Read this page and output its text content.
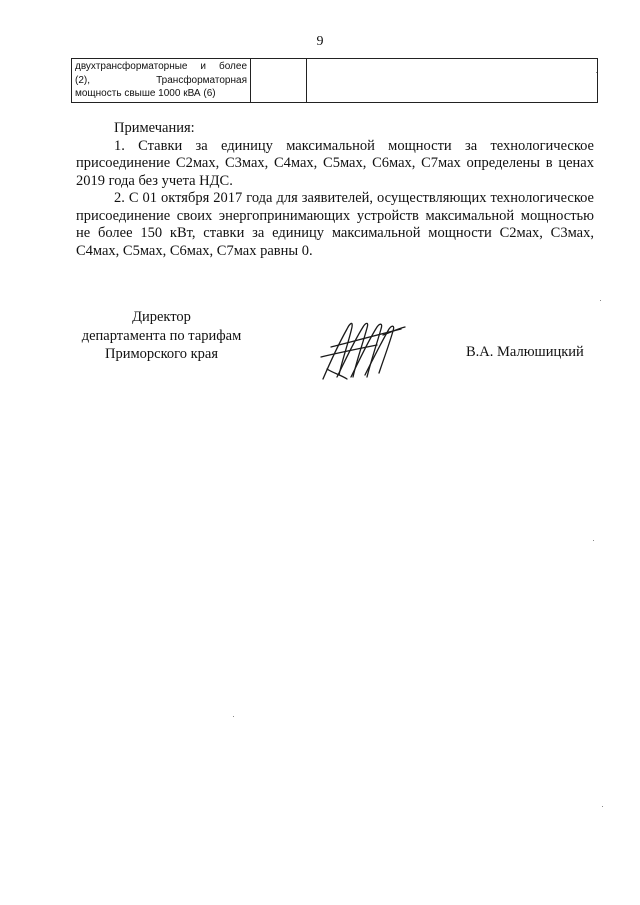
9
двухтрансформаторные и более
(2), Трансформаторная
мощность свыше 1000 кВА (6)

Примечания:

1. Ставки за единицу максимальной мощности за технологическое присоединение С2мах, С3мах, С4мах, С5мах, С6мах, С7мах определены в ценах 2019 года без учета НДС.

2. С 01 октября 2017 года для заявителей, осуществляющих технологическое присоединение своих энергопринимающих устройств максимальной мощностью не более 150 кВт, ставки за единицу максимальной мощности С2мах, С3мах, С4мах, С5мах, С6мах, С7мах равны 0.

Директор
департамента по тарифам
Приморского края	В.А. Малюшицкий
